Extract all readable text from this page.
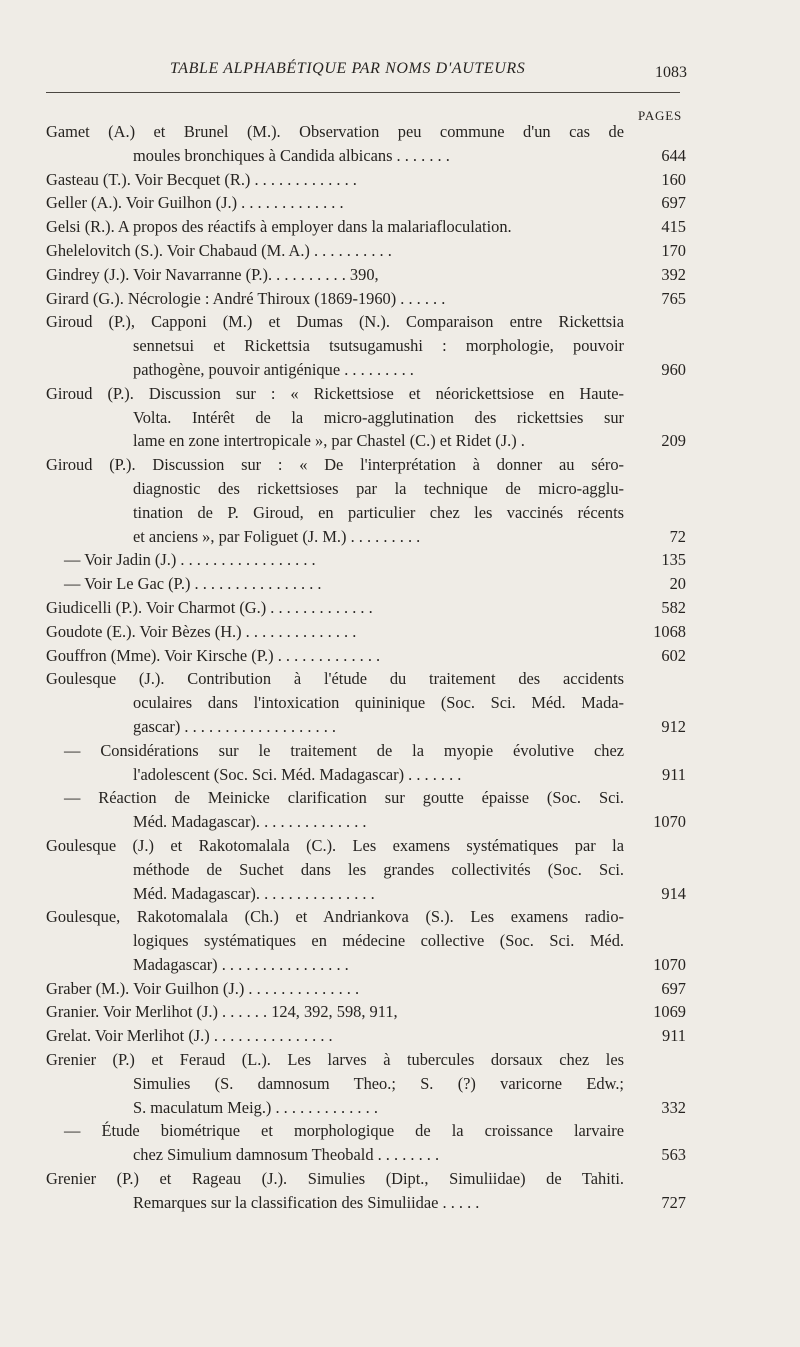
TABLE ALPHABÉTIQUE PAR NOMS D'AUTEURS	1083
PAGES
Gamet (A.) et Brunel (M.). Observation peu commune d'un cas de
moules bronchiques à Candida albicans . . . . . . .	644
Gasteau (T.). Voir Becquet (R.) . . . . . . . . . . . . .	160
Geller (A.). Voir Guilhon (J.) . . . . . . . . . . . . .	697
Gelsi (R.). A propos des réactifs à employer dans la malariafloculation.	415
Ghelelovitch (S.). Voir Chabaud (M. A.) . . . . . . . . . .	170
Gindrey (J.). Voir Navarranne (P.). . . . . . . . . . 390,	392
Girard (G.). Nécrologie : André Thiroux (1869-1960) . . . . . .	765
Giroud (P.), Capponi (M.) et Dumas (N.). Comparaison entre Rickettsia
sennetsui et Rickettsia tsutsugamushi : morphologie, pouvoir
pathogène, pouvoir antigénique . . . . . . . . .	960
Giroud (P.). Discussion sur : « Rickettsiose et néorickettsiose en Haute-
Volta. Intérêt de la micro-agglutination des rickettsies sur
lame en zone intertropicale », par Chastel (C.) et Ridet (J.) .	209
Giroud (P.). Discussion sur : « De l'interprétation à donner au séro-
diagnostic des rickettsioses par la technique de micro-agglu-
tination de P. Giroud, en particulier chez les vaccinés récents
et anciens », par Foliguet (J. M.) . . . . . . . . .	72
— Voir Jadin (J.) . . . . . . . . . . . . . . . . .	135
— Voir Le Gac (P.) . . . . . . . . . . . . . . . .	20
Giudicelli (P.). Voir Charmot (G.) . . . . . . . . . . . . .	582
Goudote (E.). Voir Bèzes (H.) . . . . . . . . . . . . . .	1068
Gouffron (Mme). Voir Kirsche (P.) . . . . . . . . . . . . .	602
Goulesque (J.). Contribution à l'étude du traitement des accidents
oculaires dans l'intoxication quininique (Soc. Sci. Méd. Mada-
gascar) . . . . . . . . . . . . . . . . . . .	912
— Considérations sur le traitement de la myopie évolutive chez
l'adolescent (Soc. Sci. Méd. Madagascar) . . . . . . .	911
— Réaction de Meinicke clarification sur goutte épaisse (Soc. Sci.
Méd. Madagascar). . . . . . . . . . . . . .	1070
Goulesque (J.) et Rakotomalala (C.). Les examens systématiques par la
méthode de Suchet dans les grandes collectivités (Soc. Sci.
Méd. Madagascar). . . . . . . . . . . . . . .	914
Goulesque, Rakotomalala (Ch.) et Andriankova (S.). Les examens radio-
logiques systématiques en médecine collective (Soc. Sci. Méd.
Madagascar) . . . . . . . . . . . . . . . .	1070
Graber (M.). Voir Guilhon (J.) . . . . . . . . . . . . . .	697
Granier. Voir Merlihot (J.) . . . . . . 124, 392, 598, 911,	1069
Grelat. Voir Merlihot (J.) . . . . . . . . . . . . . . .	911
Grenier (P.) et Feraud (L.). Les larves à tubercules dorsaux chez les
Simulies (S. damnosum Theo.; S. (?) varicorne Edw.;
S. maculatum Meig.) . . . . . . . . . . . . .	332
— Étude biométrique et morphologique de la croissance larvaire
chez Simulium damnosum Theobald . . . . . . . .	563
Grenier (P.) et Rageau (J.). Simulies (Dipt., Simuliidae) de Tahiti.
Remarques sur la classification des Simuliidae . . . . .	727
